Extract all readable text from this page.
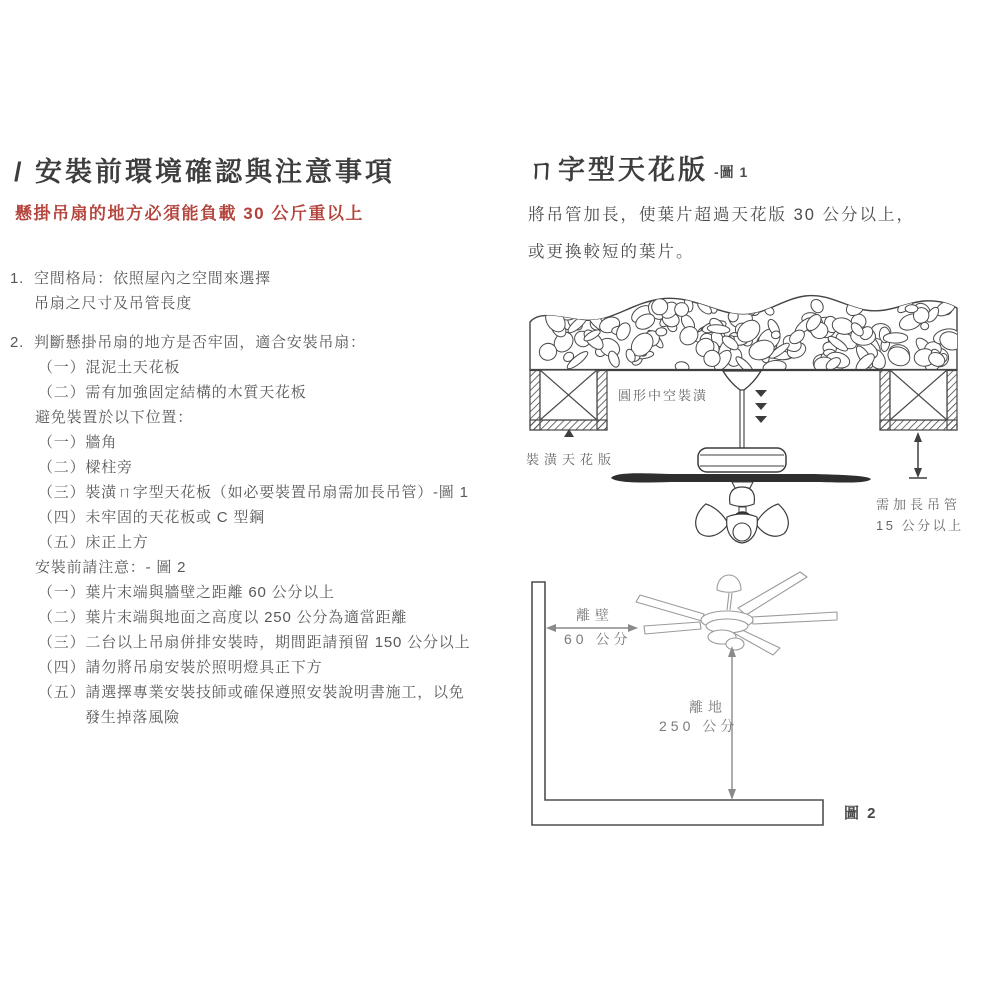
/ 安裝前環境確認與注意事項
懸掛吊扇的地方必須能負載 30 公斤重以上
1. 空間格局：依照屋內之空間來選擇
吊扇之尺寸及吊管長度
2. 判斷懸掛吊扇的地方是否牢固，適合安裝吊扇：
（一）混泥土天花板
（二）需有加強固定結構的木質天花板
避免裝置於以下位置：
（一）牆角
（二）樑柱旁
（三）裝潢ㄇ字型天花板（如必要裝置吊扇需加長吊管）-圖 1
（四）未牢固的天花板或 C 型鋼
（五）床正上方
安裝前請注意：- 圖 2
（一）葉片末端與牆壁之距離 60 公分以上
（二）葉片末端與地面之高度以 250 公分為適當距離
（三）二台以上吊扇併排安裝時，期間距請預留 150 公分以上
（四）請勿將吊扇安裝於照明燈具正下方
（五）請選擇專業安裝技師或確保遵照安裝說明書施工，以免
發生掉落風險
ㄇ字型天花版 -圖 1
將吊管加長，使葉片超過天花版 30 公分以上，
或更換較短的葉片。
圓形中空裝潢
裝潢天花版
需加長吊管
15 公分以上
離壁
60 公分
離地
250 公分
圖 2
